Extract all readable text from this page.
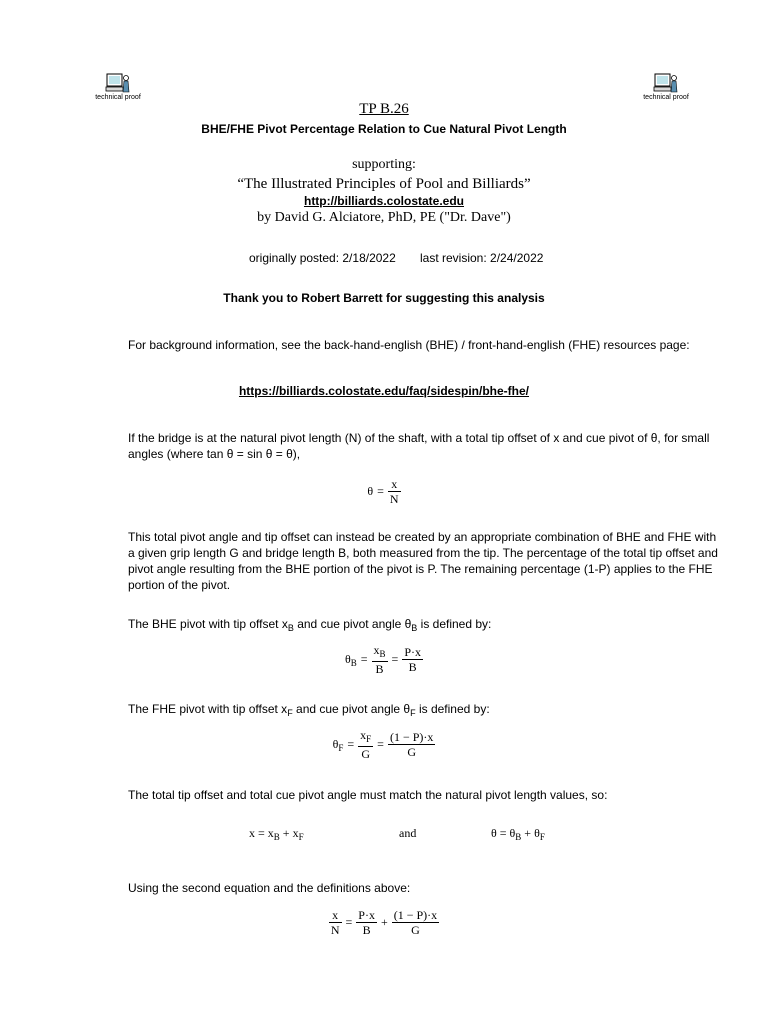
technical proof	technical proof
TP B.26
BHE/FHE Pivot Percentage Relation to Cue Natural Pivot Length
supporting:
“The Illustrated Principles of Pool and Billiards”
http://billiards.colostate.edu
by David G. Alciatore, PhD, PE ("Dr. Dave")
originally posted: 2/18/2022 last revision: 2/24/2022
Thank you to Robert Barrett for suggesting this analysis
For background information, see the back-hand-english (BHE) / front-hand-english (FHE) resources page:
https://billiards.colostate.edu/faq/sidespin/bhe-fhe/
If the bridge is at the natural pivot length (N) of the shaft, with a total tip offset of x and cue pivot of θ, for small angles (where tan θ = sin θ = θ),
$\theta = \frac{x}{N}$
This total pivot angle and tip offset can instead be created by an appropriate combination of BHE and FHE with a given grip length G and bridge length B, both measured from the tip. The percentage of the total tip offset and pivot angle resulting from the BHE portion of the pivot is P. The remaining percentage (1-P) applies to the FHE portion of the pivot.
The BHE pivot with tip offset $x_B$ and cue pivot angle $\theta_B$ is defined by:
$\theta_B = \frac{x_B}{B} = \frac{P\cdot x}{B}$
The FHE pivot with tip offset $x_F$ and cue pivot angle $\theta_F$ is defined by:
$\theta_F = \frac{x_F}{G} = \frac{(1 - P)\cdot x}{G}$
The total tip offset and total cue pivot angle must match the natural pivot length values, so:
$x = x_B + x_F$	and	$\theta = \theta_B + \theta_F$
Using the second equation and the definitions above:
$\frac{x}{N} = \frac{P\cdot x}{B} + \frac{(1 - P)\cdot x}{G}$
